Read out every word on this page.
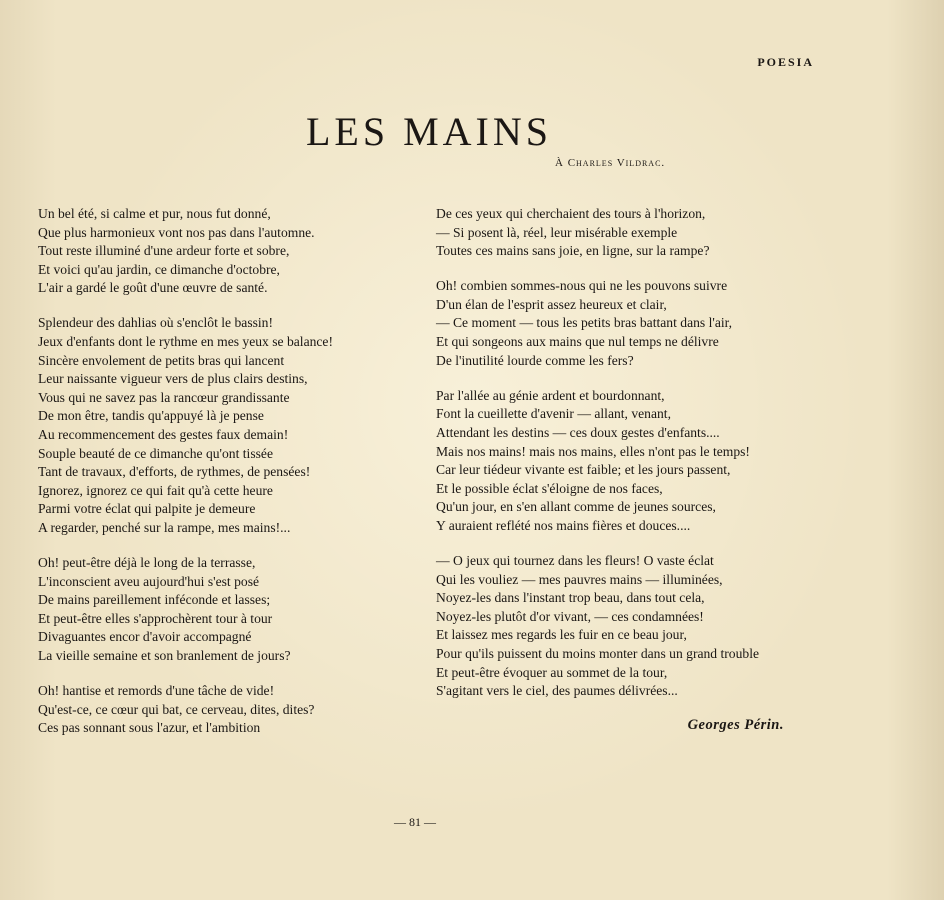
POESIA
LES MAINS
À Charles Vildrac.
Un bel été, si calme et pur, nous fut donné,
Que plus harmonieux vont nos pas dans l'automne.
Tout reste illuminé d'une ardeur forte et sobre,
Et voici qu'au jardin, ce dimanche d'octobre,
L'air a gardé le goût d'une œuvre de santé.
Splendeur des dahlias où s'enclôt le bassin!
Jeux d'enfants dont le rythme en mes yeux se balance!
Sincère envolement de petits bras qui lancent
Leur naissante vigueur vers de plus clairs destins,
Vous qui ne savez pas la rancœur grandissante
De mon être, tandis qu'appuyé là je pense
Au recommencement des gestes faux demain!
Souple beauté de ce dimanche qu'ont tissée
Tant de travaux, d'efforts, de rythmes, de pensées!
Ignorez, ignorez ce qui fait qu'à cette heure
Parmi votre éclat qui palpite je demeure
A regarder, penché sur la rampe, mes mains!...
Oh! peut-être déjà le long de la terrasse,
L'inconscient aveu aujourd'hui s'est posé
De mains pareillement inféconde et lasses;
Et peut-être elles s'approchèrent tour à tour
Divaguantes encor d'avoir accompagné
La vieille semaine et son branlement de jours?
Oh! hantise et remords d'une tâche de vide!
Qu'est-ce, ce cœur qui bat, ce cerveau, dites, dites?
Ces pas sonnant sous l'azur, et l'ambition
De ces yeux qui cherchaient des tours à l'horizon,
— Si posent là, réel, leur misérable exemple
Toutes ces mains sans joie, en ligne, sur la rampe?
Oh! combien sommes-nous qui ne les pouvons suivre
D'un élan de l'esprit assez heureux et clair,
— Ce moment — tous les petits bras battant dans l'air,
Et qui songeons aux mains que nul temps ne délivre
De l'inutilité lourde comme les fers?
Par l'allée au génie ardent et bourdonnant,
Font la cueillette d'avenir — allant, venant,
Attendant les destins — ces doux gestes d'enfants....
Mais nos mains! mais nos mains, elles n'ont pas le temps!
Car leur tiédeur vivante est faible; et les jours passent,
Et le possible éclat s'éloigne de nos faces,
Qu'un jour, en s'en allant comme de jeunes sources,
Y auraient reflété nos mains fières et douces....
— O jeux qui tournez dans les fleurs! O vaste éclat
Qui les vouliez — mes pauvres mains — illuminées,
Noyez-les dans l'instant trop beau, dans tout cela,
Noyez-les plutôt d'or vivant, — ces condamnées!
Et laissez mes regards les fuir en ce beau jour,
Pour qu'ils puissent du moins monter dans un grand trouble
Et peut-être évoquer au sommet de la tour,
S'agitant vers le ciel, des paumes délivrées...
Georges Périn.
— 81 —
